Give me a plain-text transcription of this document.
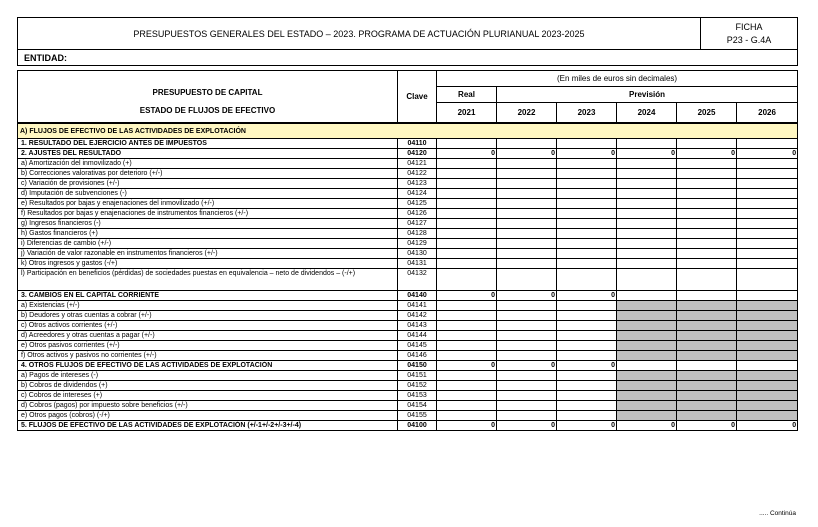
PRESUPUESTOS GENERALES DEL ESTADO – 2023. PROGRAMA DE ACTUACIÓN PLURIANUAL 2023-2025	
FICHA
P23 - G.4A

ENTIDAD:
PRESUPUESTO DE CAPITAL
ESTADO DE FLUJOS DE EFECTIVO	Clave	(En miles de euros sin decimales)					
		Real	Previsión				
		2021	2022	2023	2024	2025	2026
A) FLUJOS DE EFECTIVO DE LAS ACTIVIDADES DE EXPLOTACIÓN							
1. RESULTADO DEL EJERCICIO ANTES DE IMPUESTOS	04110						
2. AJUSTES DEL RESULTADO	04120	0	0	0	0	0	0
a) Amortización del inmovilizado (+)	04121						
b) Correcciones valorativas por deterioro (+/-)	04122						
c) Variación de provisiones (+/-)	04123						
d) Imputación de subvenciones (-)	04124						
e) Resultados por bajas y enajenaciones del inmovilizado (+/-)	04125						
f) Resultados por bajas y enajenaciones de instrumentos financieros (+/-)	04126						
g) Ingresos financieros (-)	04127						
h) Gastos financieros (+)	04128						
i) Diferencias de cambio (+/-)	04129						
j) Variación de valor razonable en instrumentos financieros (+/-)	04130						
k) Otros ingresos y gastos (-/+)	04131						
l) Participación en beneficios (pérdidas) de sociedades puestas en equivalencia – neto de dividendos – (-/+)	04132						
3. CAMBIOS EN EL CAPITAL CORRIENTE	04140	0	0	0			
a) Existencias (+/-)	04141						
b) Deudores y otras cuentas a cobrar (+/-)	04142						
c) Otros activos corrientes (+/-)	04143						
d) Acreedores y otras cuentas a pagar (+/-)	04144						
e) Otros pasivos corrientes (+/-)	04145						
f) Otros activos y pasivos no corrientes (+/-)	04146						
4. OTROS FLUJOS DE EFECTIVO DE LAS ACTIVIDADES DE EXPLOTACIÓN	04150	0	0	0			
a) Pagos de intereses (-)	04151						
b) Cobros de dividendos (+)	04152						
c) Cobros de intereses (+)	04153						
d) Cobros (pagos) por impuesto sobre beneficios (+/-)	04154						
e) Otros pagos (cobros) (-/+)	04155						
5. FLUJOS DE EFECTIVO DE LAS ACTIVIDADES DE EXPLOTACIÓN (+/-1+/-2+/-3+/-4)	04100	0	0	0	0	0	0
..... Continúa
